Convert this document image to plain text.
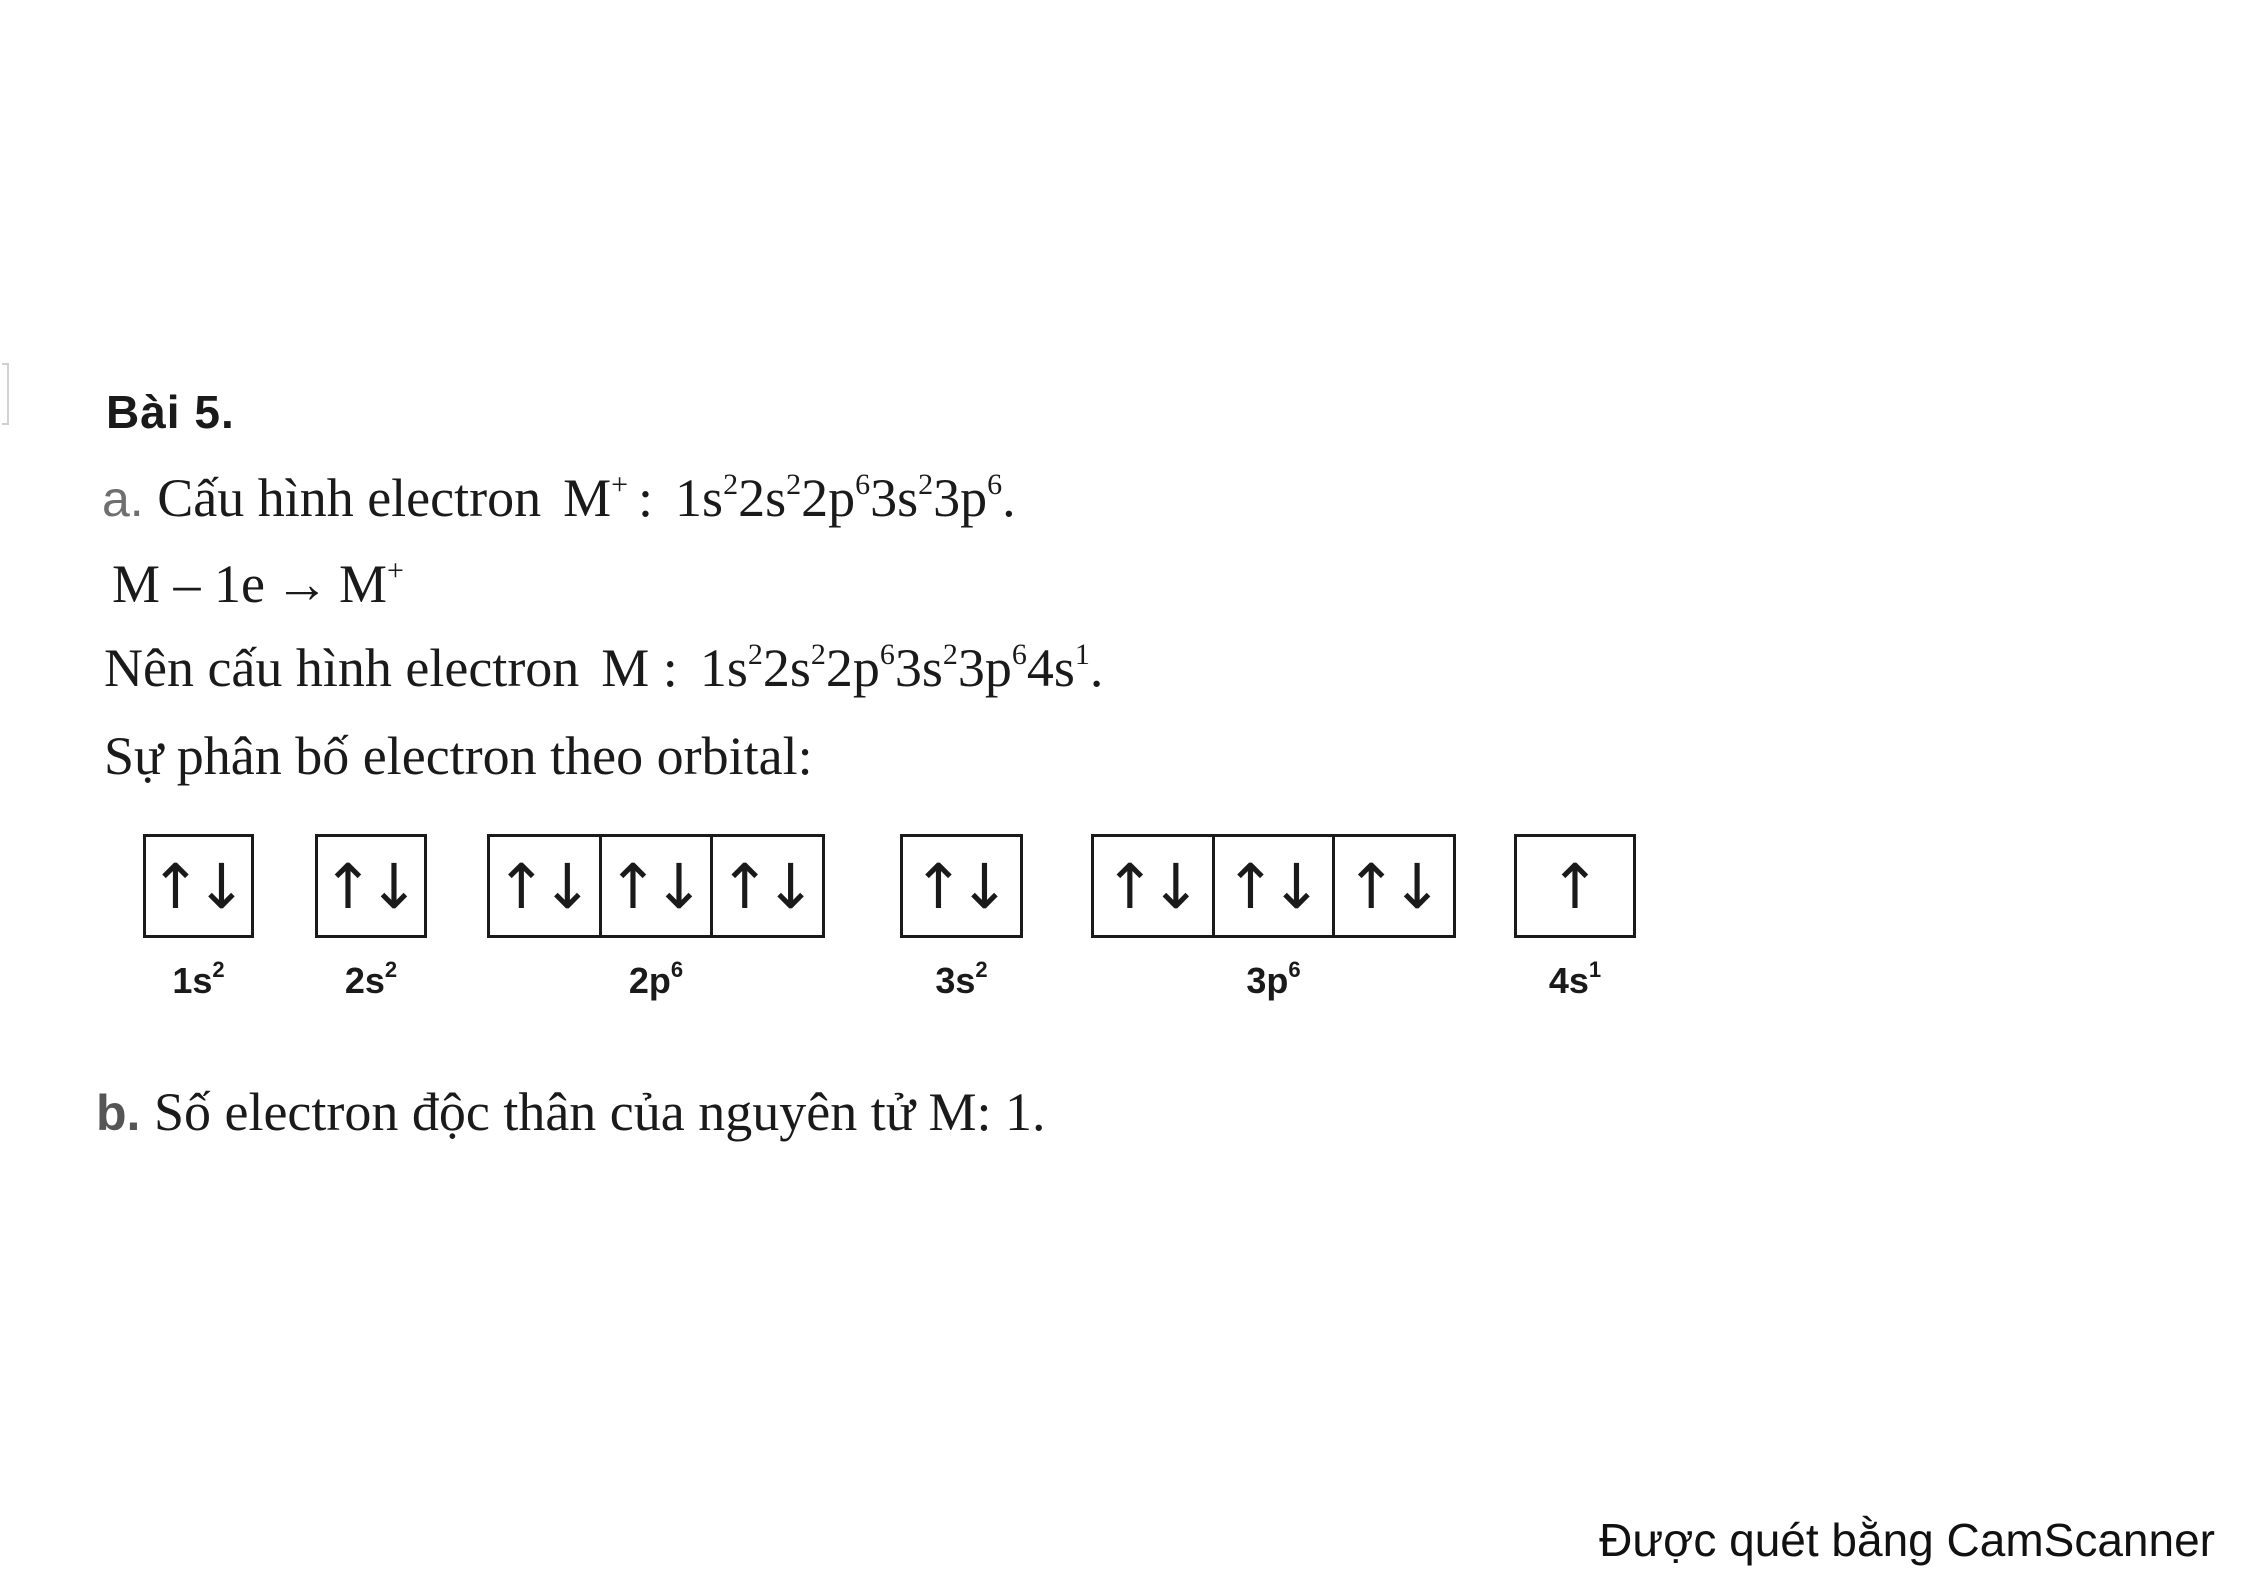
Bài 5.
a. Cấu hình electron M+ : $1s^22s^22p^63s^23p^6$.
M – 1e → M+
Nên cấu hình electron M : $1s^22s^22p^63s^23p^64s^1$.
Sự phân bố electron theo orbital:
↑↓
$1s^2$
↑↓
$2s^2$
↑↓ ↑↓ ↑↓
$2p^6$
↑↓
$3s^2$
↑↓ ↑↓ ↑↓
$3p^6$
↑
$4s^1$
b. Số electron độc thân của nguyên tử M: 1.
Được quét bằng CamScanner
